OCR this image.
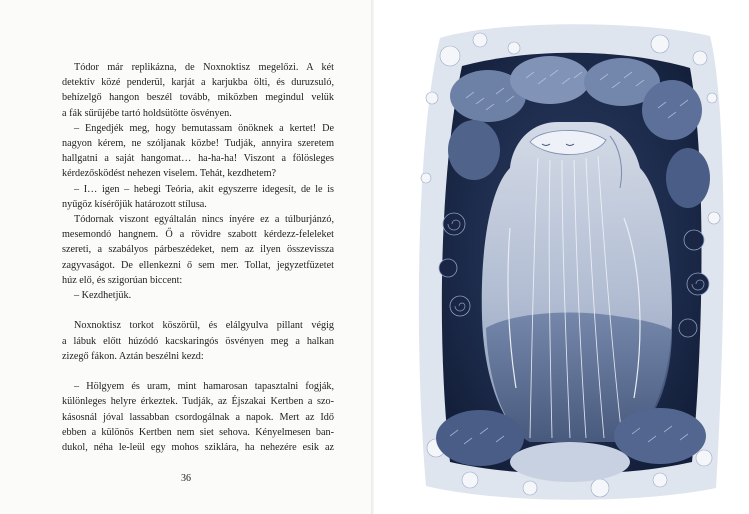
Tódor már replikázna, de Noxnoktisz megelőzi. A két
detektív közé penderül, karját a karjukba ölti, és duruzsuló,
behízelgő hangon beszél tovább, miközben megindul velük
a fák sűrűjébe tartó holdsütötte ösvényen.
– Engedjék meg, hogy bemutassam önöknek a kertet! De
nagyon kérem, ne szóljanak közbe! Tudják, annyira szeretem
hallgatni a saját hangomat… ha-ha-ha! Viszont a fölösleges
kérdezősködést nehezen viselem. Tehát, kezdhetem?
– I… igen – hebegi Teória, akit egyszerre idegesít, de le is
nyűgöz kísérőjük határozott stílusa.
Tódornak viszont egyáltalán nincs ínyére ez a túlburjánzó,
mesemondó hangnem. Ő a rövidre szabott kérdezz-feleleket
szereti, a szabályos párbeszédeket, nem az ilyen összevissza
zagyvaságot. De ellenkezni ő sem mer. Tollat, jegyzetfüzetet
húz elő, és szigorúan biccent:
– Kezdhetjük.
Noxnoktisz torkot köszörül, és elálgyulva pillant végig
a lábuk előtt húzódó kacskaringós ösvényen meg a halkan
zizegő fákon. Aztán beszélni kezd:
– Hölgyem és uram, mint hamarosan tapasztalni fogják,
különleges helyre érkeztek. Tudják, az Éjszakai Kertben a szo-
kásosnál jóval lassabban csordogálnak a napok. Mert az Idő
ebben a különös Kertben nem siet sehova. Kényelmesen ban-
dukol, néha le-leül egy mohos sziklára, ha nehezére esik az
36
